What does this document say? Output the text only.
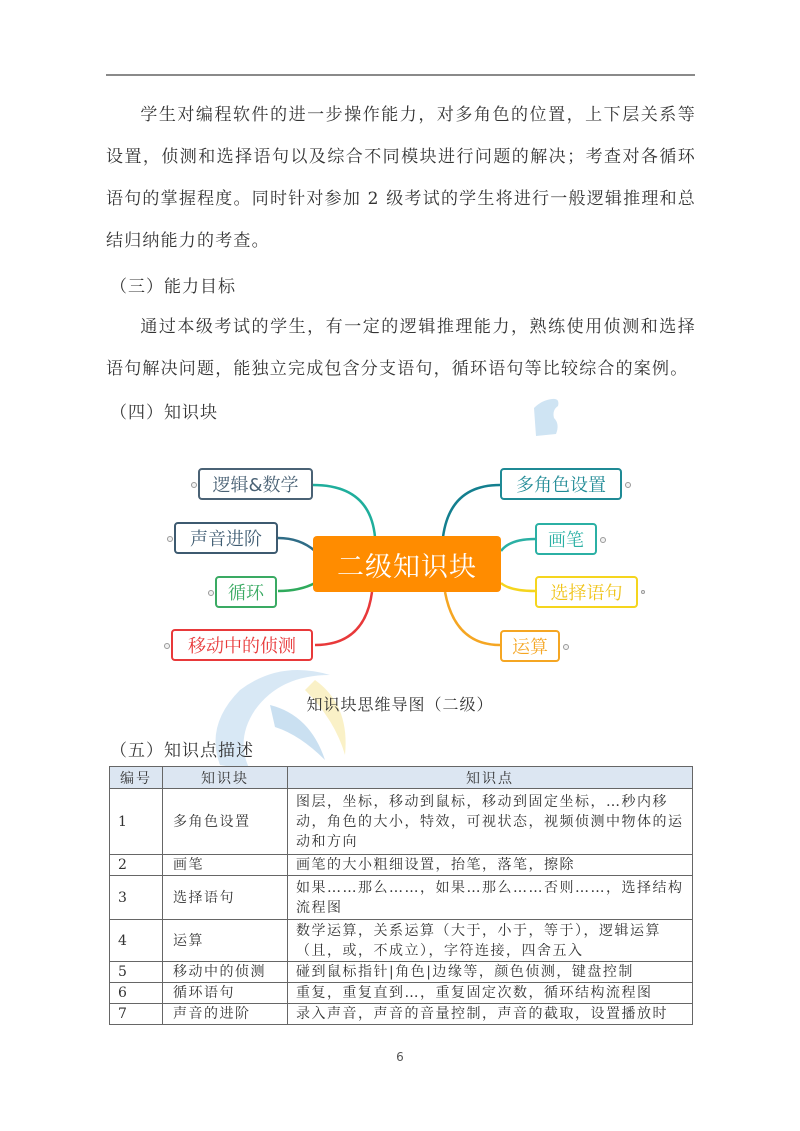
学生对编程软件的进一步操作能力，对多角色的位置，上下层关系等设置，侦测和选择语句以及综合不同模块进行问题的解决；考查对各循环语句的掌握程度。同时针对参加 2 级考试的学生将进行一般逻辑推理和总结归纳能力的考查。
（三）能力目标
通过本级考试的学生，有一定的逻辑推理能力，熟练使用侦测和选择语句解决问题，能独立完成包含分支语句，循环语句等比较综合的案例。
（四）知识块
二级知识块
逻辑&数学
声音进阶
循环
移动中的侦测
多角色设置
画笔
选择语句
运算
知识块思维导图（二级）
（五）知识点描述
编号	知识块	知识点
1	多角色设置	图层，坐标，移动到鼠标，移动到固定坐标，…秒内移动，角色的大小，特效，可视状态，视频侦测中物体的运动和方向
2	画笔	画笔的大小粗细设置，抬笔，落笔，擦除
3	选择语句	如果……那么……，如果…那么……否则……，选择结构流程图
4	运算	数学运算，关系运算（大于，小于，等于），逻辑运算（且，或，不成立），字符连接，四舍五入
5	移动中的侦测	碰到鼠标指针|角色|边缘等，颜色侦测，键盘控制
6	循环语句	重复，重复直到…，重复固定次数，循环结构流程图
7	声音的进阶	录入声音，声音的音量控制，声音的截取，设置播放时
6
